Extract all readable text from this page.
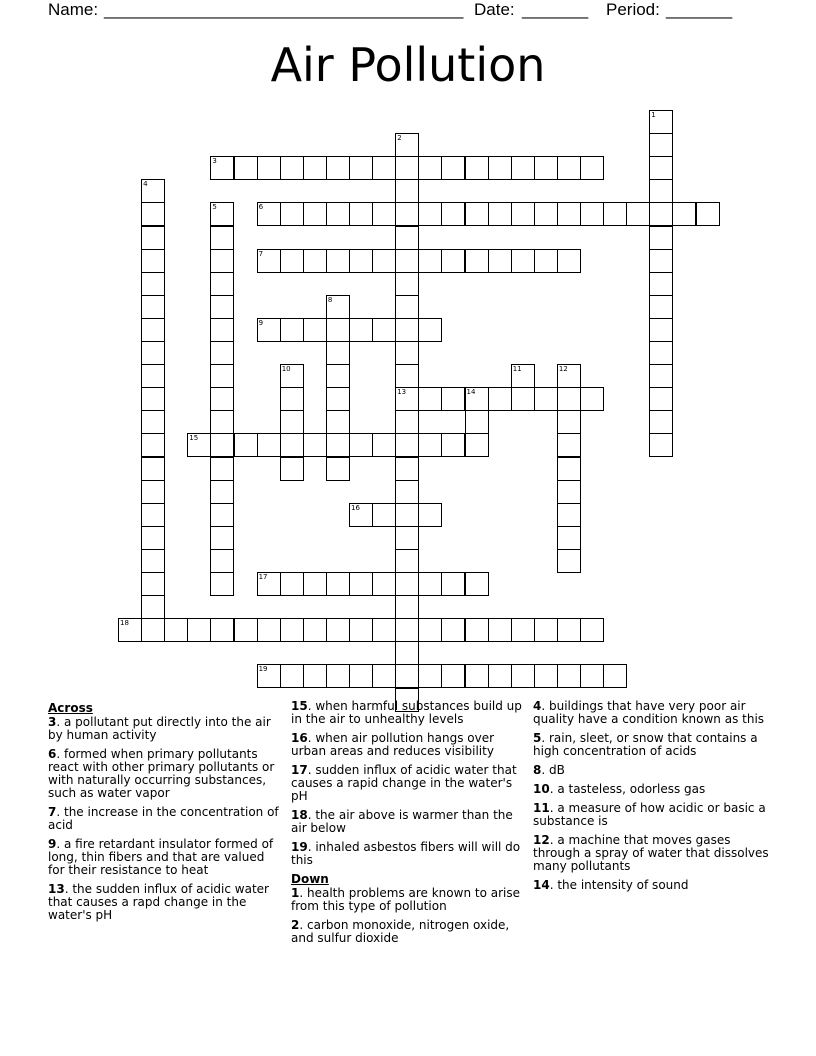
Name: ______________________________________ Date: _______ Period: _______
Air Pollution
1
2
3
4
5	6
7
8
9
10	11	12
13	14
15
16
17
18
19
Across
3. a pollutant put directly into the air by human activity
6. formed when primary pollutants react with other primary pollutants or with naturally occurring substances, such as water vapor
7. the increase in the concentration of acid
9. a fire retardant insulator formed of long, thin fibers and that are valued for their resistance to heat
13. the sudden influx of acidic water that causes a rapd change in the water's pH
15. when harmful substances build up in the air to unhealthy levels
16. when air pollution hangs over urban areas and reduces visibility
17. sudden influx of acidic water that causes a rapid change in the water's pH
18. the air above is warmer than the air below
19. inhaled asbestos fibers will will do this
Down
1. health problems are known to arise from this type of pollution
2. carbon monoxide, nitrogen oxide, and sulfur dioxide
4. buildings that have very poor air quality have a condition known as this
5. rain, sleet, or snow that contains a high concentration of acids
8. dB
10. a tasteless, odorless gas
11. a measure of how acidic or basic a substance is
12. a machine that moves gases through a spray of water that dissolves many pollutants
14. the intensity of sound
